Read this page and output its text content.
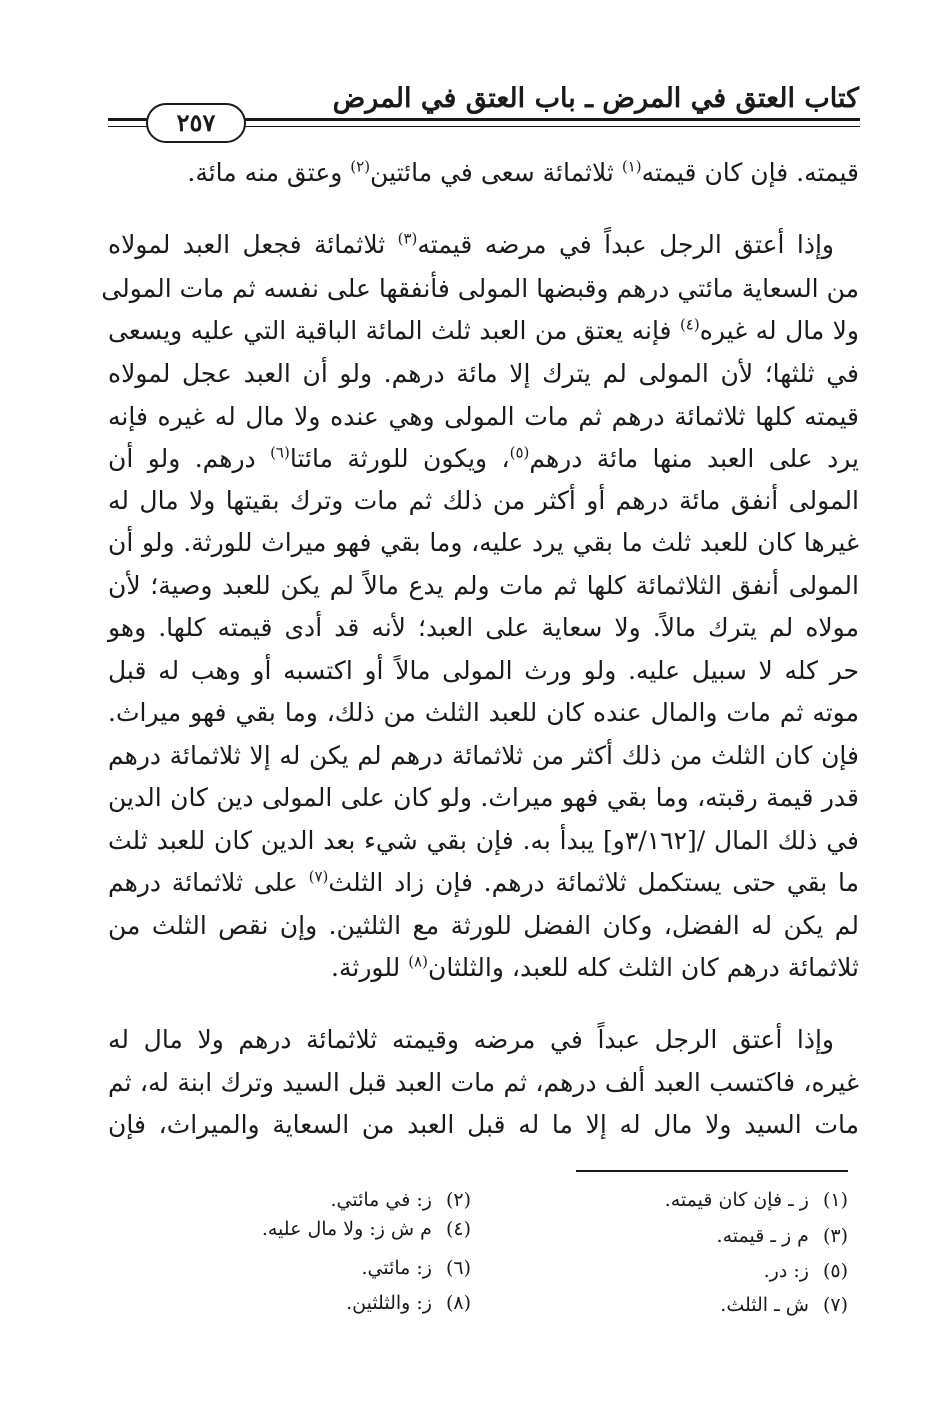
كتاب العتق في المرض ـ باب العتق في المرض
٢٥٧
قيمته. فإن كان قيمته$^{(١)}$ ثلاثمائة سعى في مائتين$^{(٢)}$ وعتق منه مائة.
وإذا أعتق الرجل عبداً في مرضه قيمته$^{(٣)}$ ثلاثمائة فجعل العبد لمولاه
من السعاية مائتي درهم وقبضها المولى فأنفقها على نفسه ثم مات المولى
ولا مال له غيره$^{(٤)}$ فإنه يعتق من العبد ثلث المائة الباقية التي عليه ويسعى
في ثلثها؛ لأن المولى لم يترك إلا مائة درهم. ولو أن العبد عجل لمولاه
قيمته كلها ثلاثمائة درهم ثم مات المولى وهي عنده ولا مال له غيره فإنه
يرد على العبد منها مائة درهم$^{(٥)}$، ويكون للورثة مائتا$^{(٦)}$ درهم. ولو أن
المولى أنفق مائة درهم أو أكثر من ذلك ثم مات وترك بقيتها ولا مال له
غيرها كان للعبد ثلث ما بقي يرد عليه، وما بقي فهو ميراث للورثة. ولو أن
المولى أنفق الثلاثمائة كلها ثم مات ولم يدع مالاً لم يكن للعبد وصية؛ لأن
مولاه لم يترك مالاً. ولا سعاية على العبد؛ لأنه قد أدى قيمته كلها. وهو
حر كله لا سبيل عليه. ولو ورث المولى مالاً أو اكتسبه أو وهب له قبل
موته ثم مات والمال عنده كان للعبد الثلث من ذلك، وما بقي فهو ميراث.
فإن كان الثلث من ذلك أكثر من ثلاثمائة درهم لم يكن له إلا ثلاثمائة درهم
قدر قيمة رقبته، وما بقي فهو ميراث. ولو كان على المولى دين كان الدين
في ذلك المال /[٣/١٦٢و] يبدأ به. فإن بقي شيء بعد الدين كان للعبد ثلث
ما بقي حتى يستكمل ثلاثمائة درهم. فإن زاد الثلث$^{(٧)}$ على ثلاثمائة درهم
لم يكن له الفضل، وكان الفضل للورثة مع الثلثين. وإن نقص الثلث من
ثلاثمائة درهم كان الثلث كله للعبد، والثلثان$^{(٨)}$ للورثة.
وإذا أعتق الرجل عبداً في مرضه وقيمته ثلاثمائة درهم ولا مال له
غيره، فاكتسب العبد ألف درهم، ثم مات العبد قبل السيد وترك ابنة له، ثم
مات السيد ولا مال له إلا ما له قبل العبد من السعاية والميراث، فإن
(١)ز ـ فإن كان قيمته.
(٢)ز: في مائتي.
(٣)م ز ـ قيمته.
(٤)م ش ز: ولا مال عليه.
(٥)ز: در.
(٦)ز: مائتي.
(٧)ش ـ الثلث.
(٨)ز: والثلثين.
